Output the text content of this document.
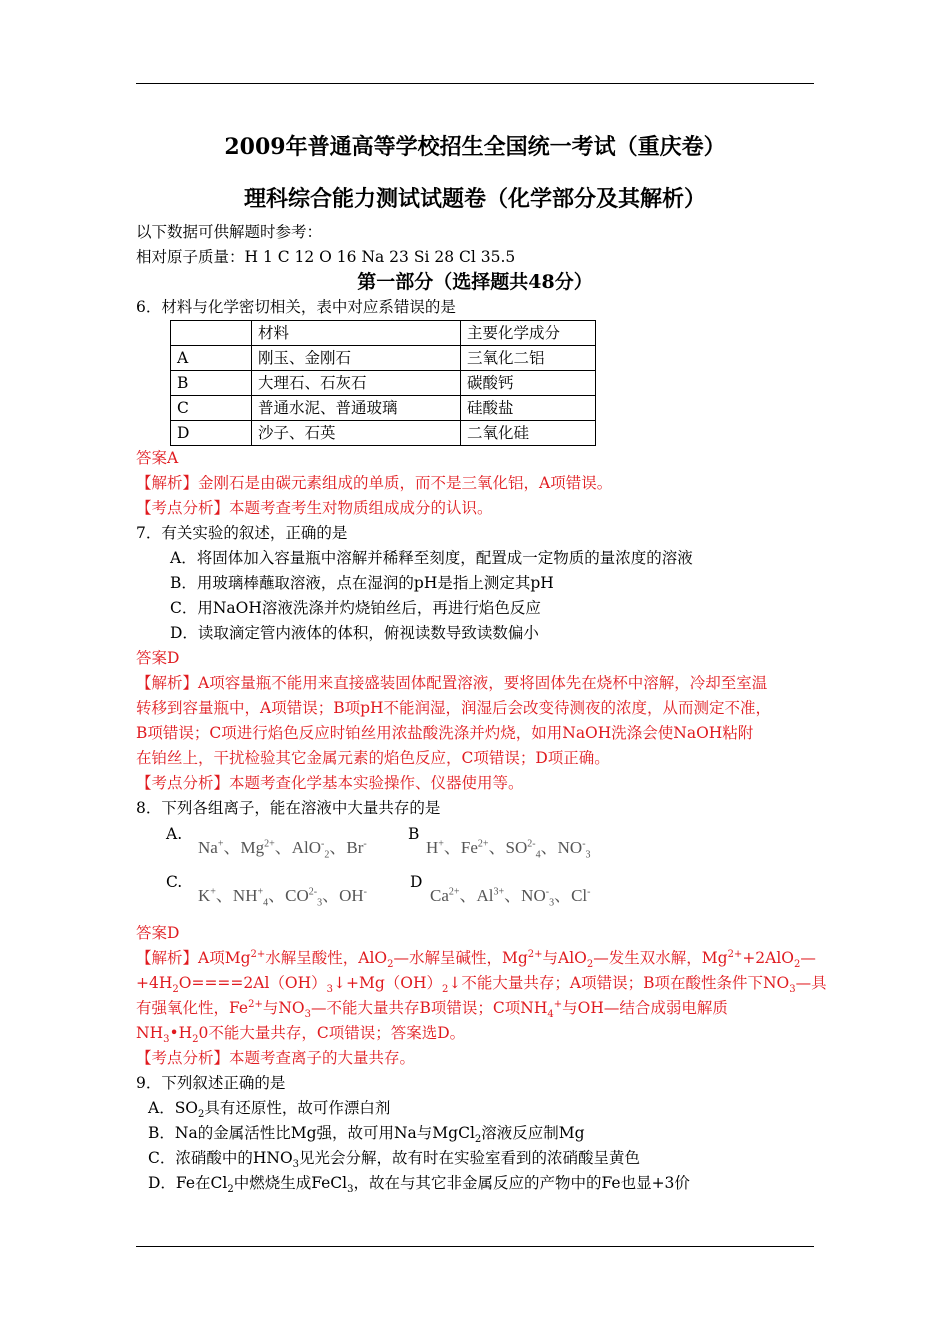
2009年普通高等学校招生全国统一考试（重庆卷）

理科综合能力测试试题卷（化学部分及其解析）

以下数据可供解题时参考：
相对原子质量：H 1 C 12 O 16 Na 23 Si 28 Cl 35.5
第一部分（选择题共48分）
6．材料与化学密切相关，表中对应系错误的是
	材料	主要化学成分
A	刚玉、金刚石	三氧化二铝
B	大理石、石灰石	碳酸钙
C	普通水泥、普通玻璃	硅酸盐
D	沙子、石英	二氧化硅
答案A
【解析】金刚石是由碳元素组成的单质，而不是三氧化铝，A项错误。
【考点分析】本题考查考生对物质组成成分的认识。
7．有关实验的叙述，正确的是
A．将固体加入容量瓶中溶解并稀释至刻度，配置成一定物质的量浓度的溶液
B．用玻璃棒蘸取溶液，点在湿润的pH是指上测定其pH
C．用NaOH溶液洗涤并灼烧铂丝后，再进行焰色反应
D．读取滴定管内液体的体积，俯视读数导致读数偏小
答案D

【解析】A项容量瓶不能用来直接盛装固体配置溶液，要将固体先在烧杯中溶解，冷却至室温

转移到容量瓶中，A项错误；B项pH不能润湿，润湿后会改变待测夜的浓度，从而测定不准，

B项错误；C项进行焰色反应时铂丝用浓盐酸洗涤并灼烧，如用NaOH洗涤会使NaOH粘附

在铂丝上，干扰检验其它金属元素的焰色反应，C项错误；D项正确。

【考点分析】本题考查化学基本实验操作、仪器使用等。
8．下列各组离子，能在溶液中大量共存的是
A.
Na+、$Mg^{2+}$、AlO-$_2$、Br-
B
H+、$Fe^{2+}$、$SO^{2-}_4$、$NO^-_3$
C.
K+、$NH^+_4$、$CO^{2-}_3$、OH-
D
$Ca^{2+}$、$Al^{3+}$、$NO^-_3$、Cl-
答案D

【解析】A项$Mg^{2+}$水解呈酸性，AlO$_2$—水解呈碱性，$Mg^{2+}$与AlO$_2$—发生双水解，$Mg^{2+}+2AlO_2—$

$+4H_2O====2Al(OH)_3↓+Mg(OH)_2↓$不能大量共存；A项错误；B项在酸性条件下$NO_3—$具

有强氧化性，$Fe^{2+}$与$NO_3—$不能大量共存B项错误；C项$NH_4^+$与OH—结合成弱电解质

$NH_3•H_20$不能大量共存，C项错误；答案选D。

【考点分析】本题考查离子的大量共存。
9．下列叙述正确的是
A．$SO_2$具有还原性，故可作漂白剂
B．Na的金属活性比Mg强，故可用Na与MgCl$_2$溶液反应制Mg
C．浓硝酸中的$HNO_3$见光会分解，故有时在实验室看到的浓硝酸呈黄色
D．Fe在$Cl_2$中燃烧生成FeCl$_3$，故在与其它非金属反应的产物中的Fe也显+3价
